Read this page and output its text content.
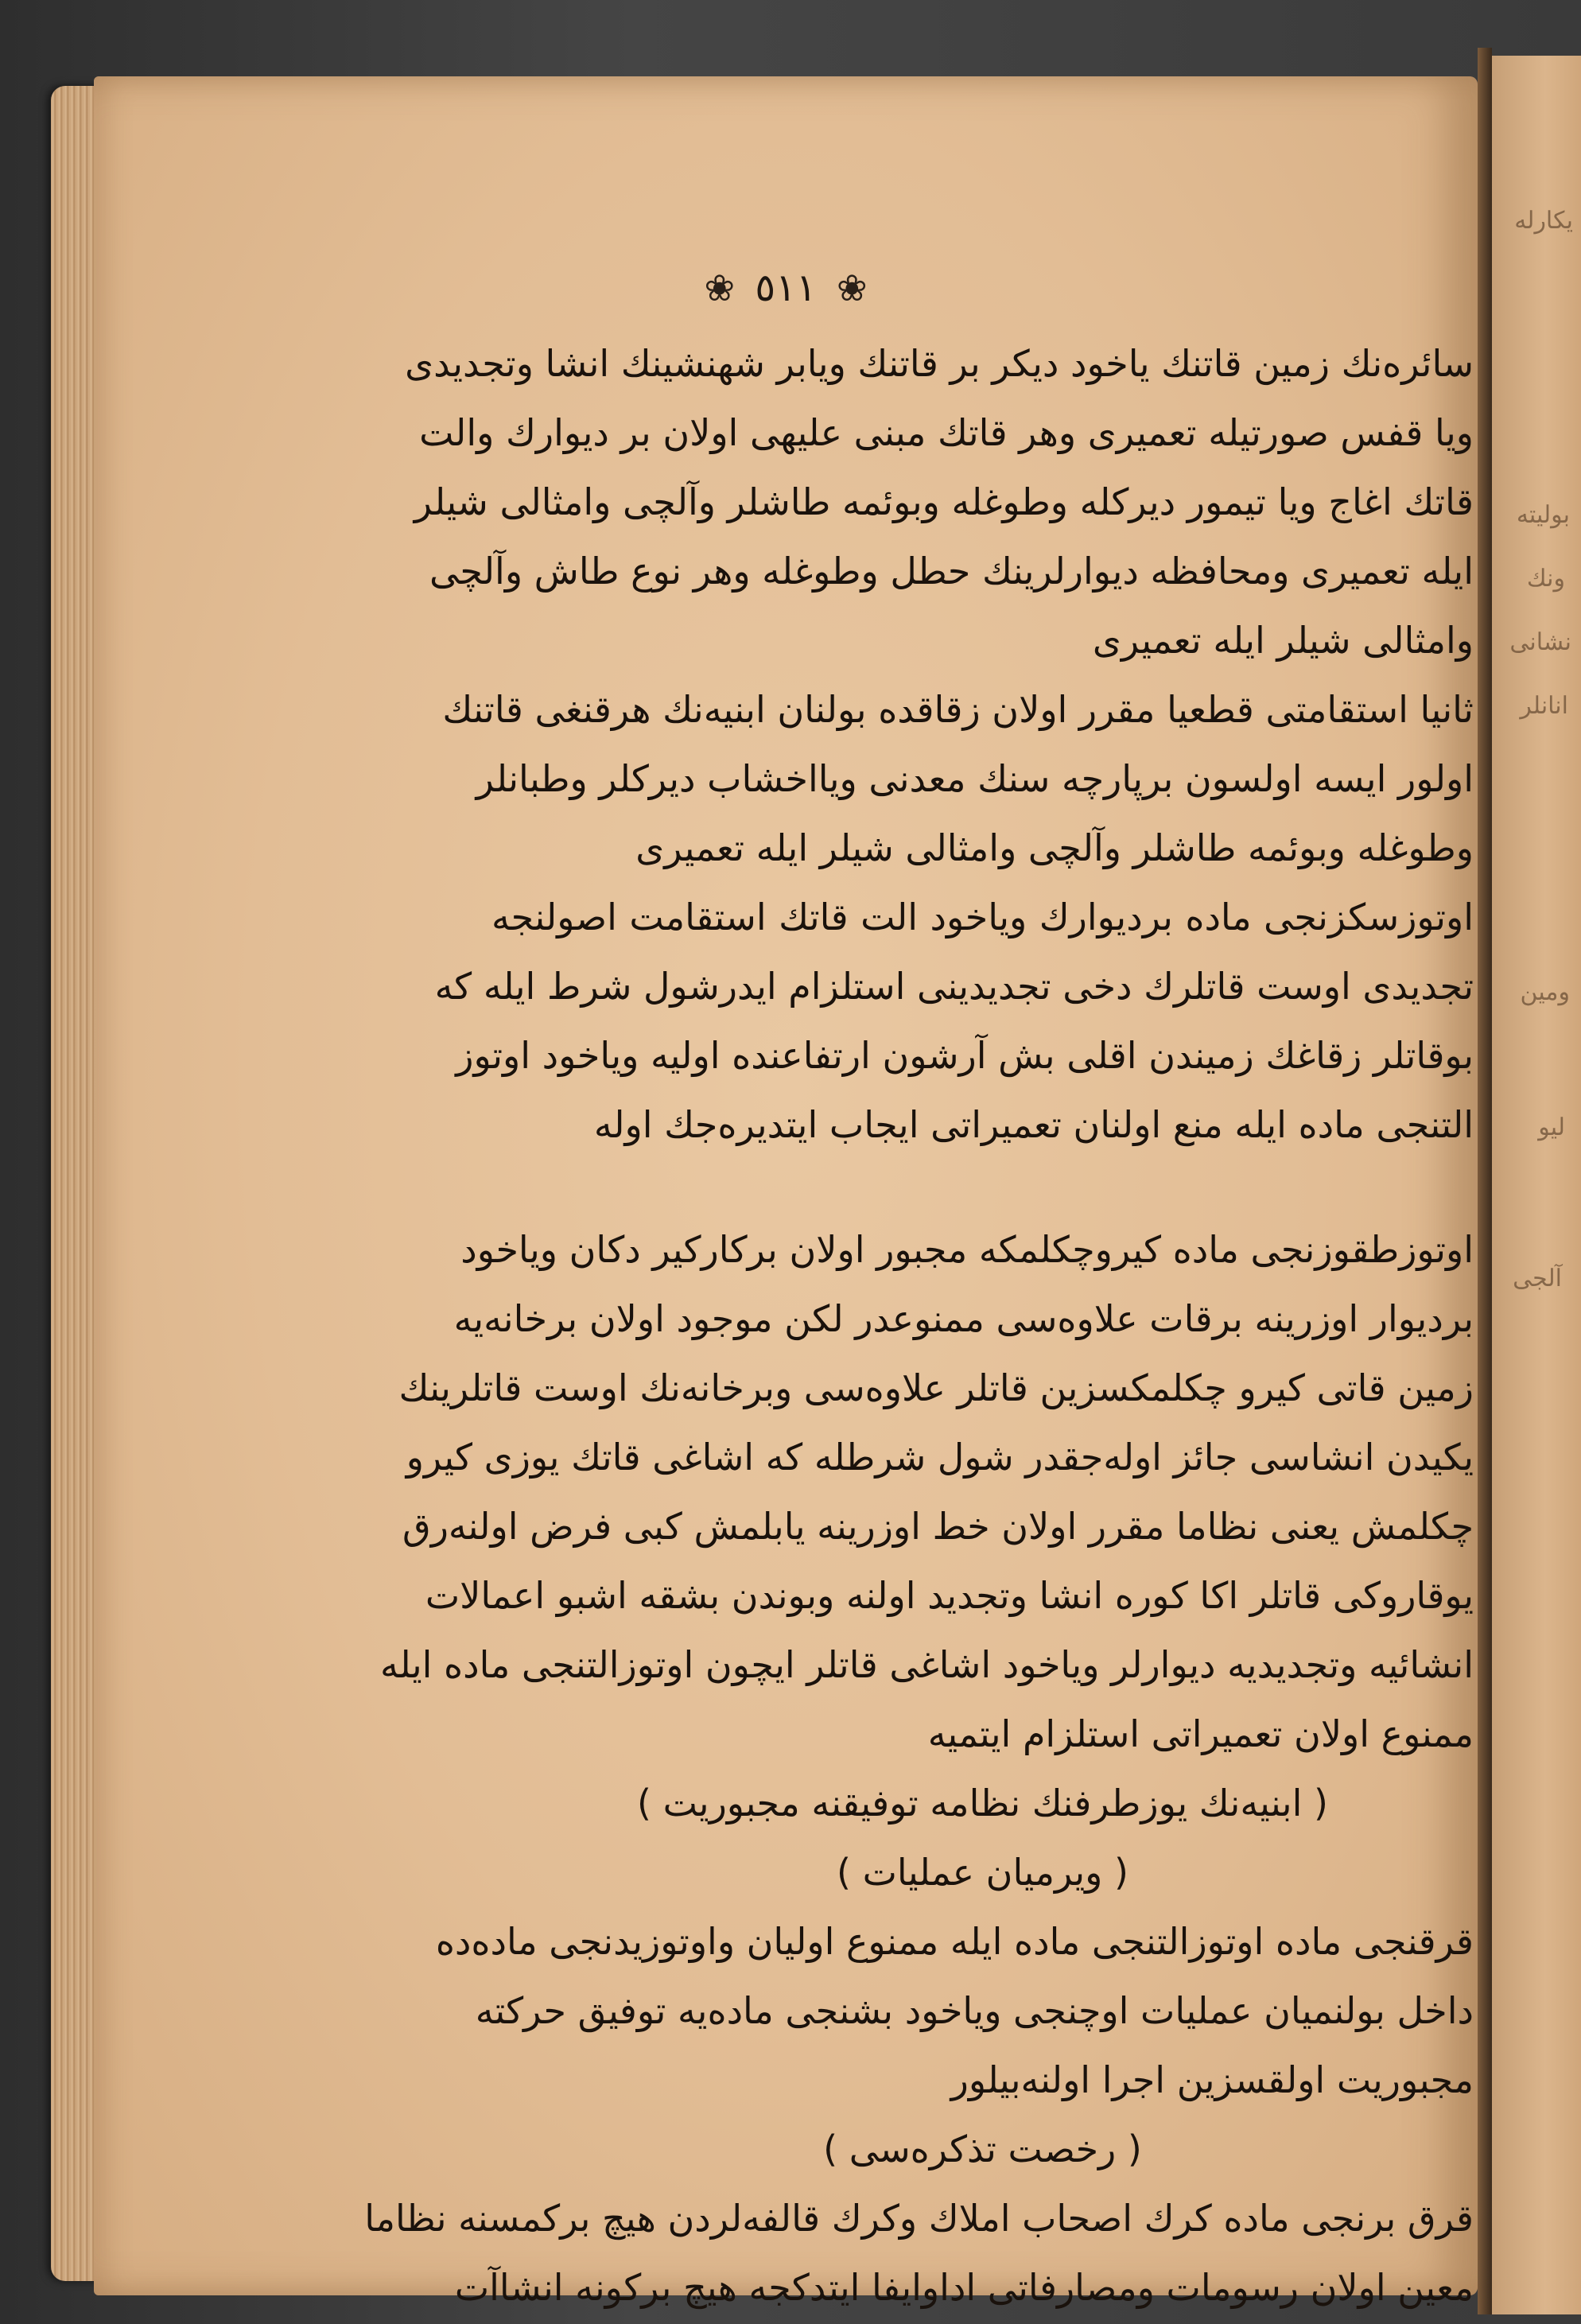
❀ ٥١١ ❀
سائره‌نك زمين قاتنك ياخود ديكر بر قاتنك ويابر شهنشينك انشا وتجديدی
ويا قفس صورتيله تعميری وهر قاتك مبنی عليهی اولان بر ديوارك والت
قاتك اغاج ويا تيمور ديركله وطوغله وبوئمه طاشلر وآلچی وامثالی شيلر
ايله تعميری ومحافظه ديوارلرينك حطل وطوغله وهر نوع طاش وآلچی
وامثالی شيلر ايله تعميری
ثانيا استقامتی قطعيا مقرر اولان زقاقده بولنان ابنيه‌نك هرقنغی قاتنك
اولور ايسه اولسون برپارچه سنك معدنی ويااخشاب ديركلر وطبانلر
وطوغله وبوئمه طاشلر وآلچی وامثالی شيلر ايله تعميری
اوتوزسكزنجی ماده برديوارك وياخود الت قاتك استقامت اصولنجه
تجديدی اوست قاتلرك دخی تجديدينی استلزام ايدرشول شرط ايله كه
بوقاتلر زقاغك زميندن اقلی بش آرشون ارتفاعنده اوليه وياخود اوتوز
التنجی ماده ايله منع اولنان تعميراتی ايجاب ايتديره‌جك اوله
اوتوزطقوزنجی ماده كيروچكلمكه مجبور اولان بركاركير دكان وياخود
برديوار اوزرينه برقات علاوه‌سی ممنوعدر لكن موجود اولان برخانه‌يه
زمين قاتی كيرو چكلمكسزين قاتلر علاوه‌سی وبرخانه‌نك اوست قاتلرينك
يكيدن انشاسی جائز اوله‌جقدر شول شرطله كه اشاغی قاتك يوزی كيرو
چكلمش يعنی نظاما مقرر اولان خط اوزرينه يابلمش كبی فرض اولنه‌رق
يوقاروكی قاتلر اكا كوره انشا وتجديد اولنه وبوندن بشقه اشبو اعمالات
انشائيه وتجديديه ديوارلر وياخود اشاغی قاتلر ايچون اوتوزالتنجی ماده ايله
ممنوع اولان تعميراتی استلزام ايتميه
( ابنيه‌نك يوزطرفنك نظامه توفيقنه مجبوريت )
( ويرميان عمليات )
قرقنجی ماده اوتوزالتنجی ماده ايله ممنوع اوليان واوتوزيدنجی ماده‌ده
داخل بولنميان عمليات اوچنجی وياخود بشنجی ماده‌يه توفيق حركته
مجبوريت اولقسزين اجرا اولنه‌بيلور
( رخصت تذكره‌سی )
قرق برنجی ماده كرك اصحاب املاك وكرك قالفه‌لردن هيچ بركمسنه نظاما
معين اولان رسومات ومصارفاتی اداوايفا ايتدكجه هيچ بركونه انشاآت
يكارله
بوليته
ونك
نشانی
انانلر
ومين
ليو
آلجی
